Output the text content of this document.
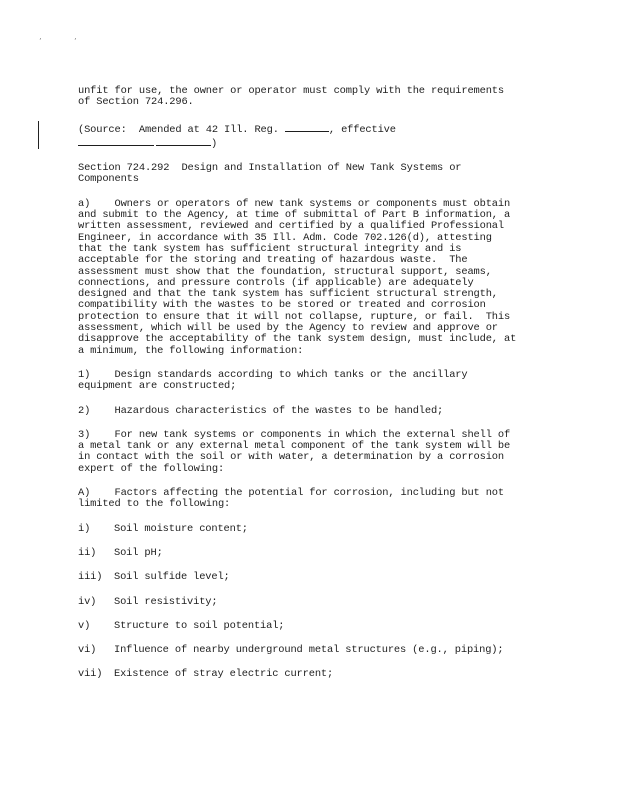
,	,

unfit for use, the owner or operator must comply with the requirements

of Section 724.296.

(Source:  Amended at 42 Ill. Reg.	, effective

)

Section 724.292  Design and Installation of New Tank Systems or

Components

a)    Owners or operators of new tank systems or components must obtain

and submit to the Agency, at time of submittal of Part B information, a

written assessment, reviewed and certified by a qualified Professional

Engineer, in accordance with 35 Ill. Adm. Code 702.126(d), attesting

that the tank system has sufficient structural integrity and is

acceptable for the storing and treating of hazardous waste.  The

assessment must show that the foundation, structural support, seams,

connections, and pressure controls (if applicable) are adequately

designed and that the tank system has sufficient structural strength,

compatibility with the wastes to be stored or treated and corrosion

protection to ensure that it will not collapse, rupture, or fail.  This

assessment, which will be used by the Agency to review and approve or

disapprove the acceptability of the tank system design, must include, at

a minimum, the following information:

1)    Design standards according to which tanks or the ancillary

equipment are constructed;

2)    Hazardous characteristics of the wastes to be handled;

3)    For new tank systems or components in which the external shell of

a metal tank or any external metal component of the tank system will be

in contact with the soil or with water, a determination by a corrosion

expert of the following:

A)    Factors affecting the potential for corrosion, including but not

limited to the following:

i)	Soil moisture content;
ii)	Soil pH;
iii)	Soil sulfide level;
iv)	Soil resistivity;
v)	Structure to soil potential;
vi)	Influence of nearby underground metal structures (e.g., piping);
vii)	Existence of stray electric current;
